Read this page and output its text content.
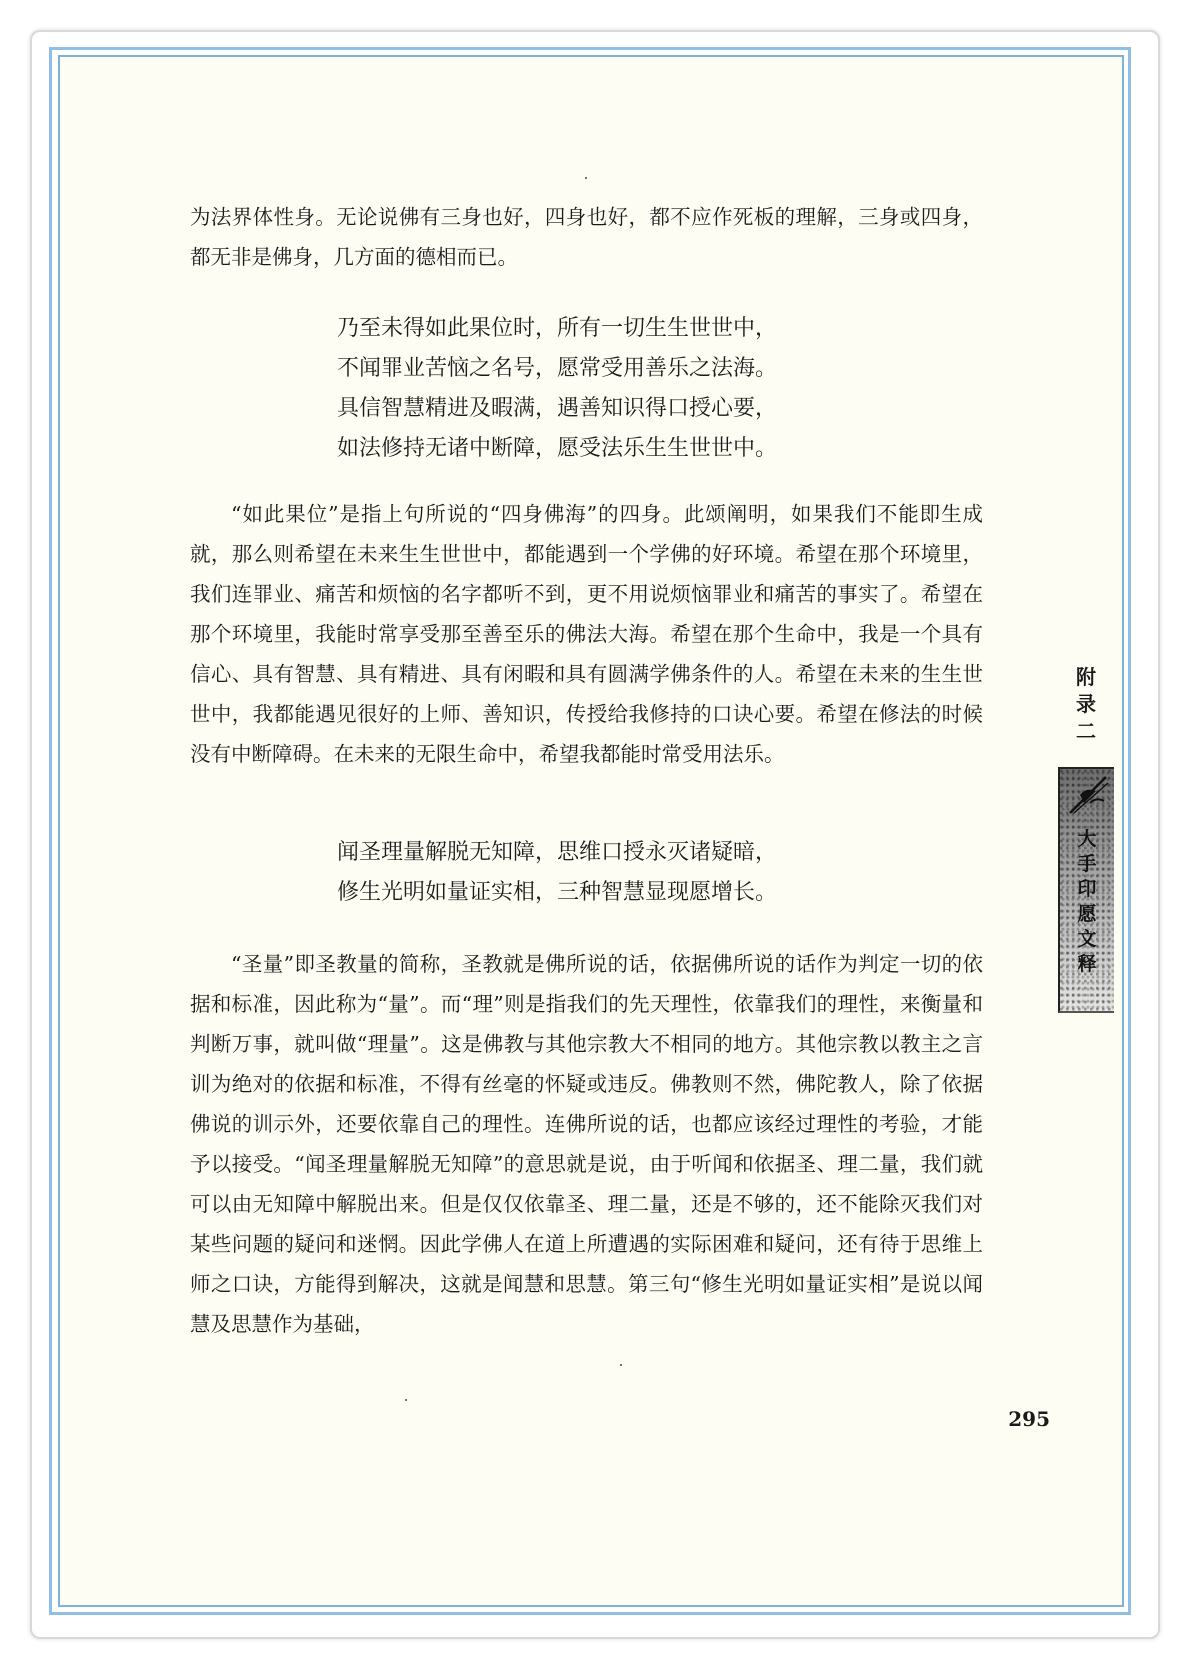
为法界体性身。无论说佛有三身也好，四身也好，都不应作死板的理解，三身或四身，都无非是佛身，几方面的德相而已。

乃至未得如此果位时，所有一切生生世世中，
不闻罪业苦恼之名号，愿常受用善乐之法海。
具信智慧精进及暇满，遇善知识得口授心要，
如法修持无诸中断障，愿受法乐生生世世中。

“如此果位”是指上句所说的“四身佛海”的四身。此颂阐明，如果我们不能即生成就，那么则希望在未来生生世世中，都能遇到一个学佛的好环境。希望在那个环境里，我们连罪业、痛苦和烦恼的名字都听不到，更不用说烦恼罪业和痛苦的事实了。希望在那个环境里，我能时常享受那至善至乐的佛法大海。希望在那个生命中，我是一个具有信心、具有智慧、具有精进、具有闲暇和具有圆满学佛条件的人。希望在未来的生生世世中，我都能遇见很好的上师、善知识，传授给我修持的口诀心要。希望在修法的时候没有中断障碍。在未来的无限生命中，希望我都能时常受用法乐。

闻圣理量解脱无知障，思维口授永灭诸疑暗，
修生光明如量证实相，三种智慧显现愿增长。

“圣量”即圣教量的简称，圣教就是佛所说的话，依据佛所说的话作为判定一切的依据和标准，因此称为“量”。而“理”则是指我们的先天理性，依靠我们的理性，来衡量和判断万事，就叫做“理量”。这是佛教与其他宗教大不相同的地方。其他宗教以教主之言训为绝对的依据和标准，不得有丝毫的怀疑或违反。佛教则不然，佛陀教人，除了依据佛说的训示外，还要依靠自己的理性。连佛所说的话，也都应该经过理性的考验，才能予以接受。“闻圣理量解脱无知障”的意思就是说，由于听闻和依据圣、理二量，我们就可以由无知障中解脱出来。但是仅仅依靠圣、理二量，还是不够的，还不能除灭我们对某些问题的疑问和迷惘。因此学佛人在道上所遭遇的实际困难和疑问，还有待于思维上师之口诀，方能得到解决，这就是闻慧和思慧。第三句“修生光明如量证实相”是说以闻慧及思慧作为基础，

附
录
二
大
手
印
愿
文
释
295
